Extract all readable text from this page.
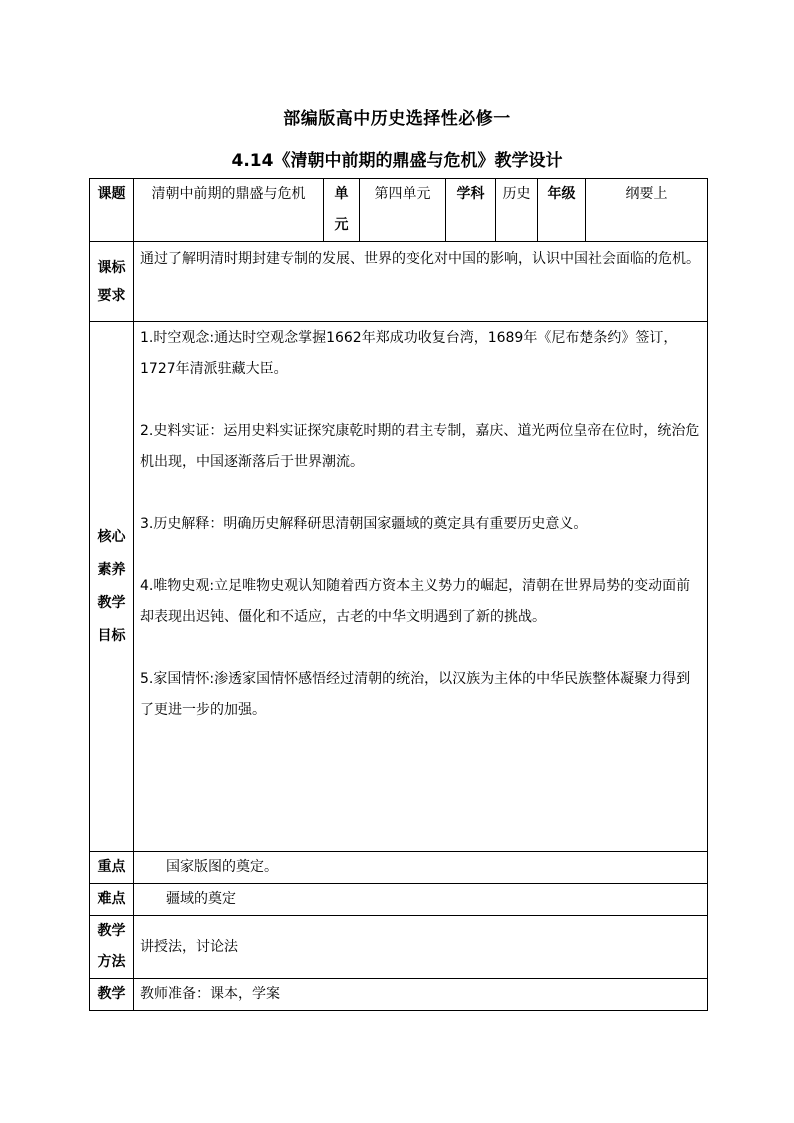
部编版高中历史选择性必修一
4.14《清朝中前期的鼎盛与危机》教学设计
课题	清朝中前期的鼎盛与危机	单元	第四单元	学科	历史	年级	纲要上
课标要求	通过了解明清时期封建专制的发展、世界的变化对中国的影响，认识中国社会面临的危机。						
核心素养教学目标	1.时空观念:通达时空观念掌握1662年郑成功收复台湾，1689年《尼布楚条约》签订，1727年清派驻藏大臣。

2.史料实证：运用史料实证探究康乾时期的君主专制，嘉庆、道光两位皇帝在位时，统治危机出现，中国逐渐落后于世界潮流。

3.历史解释：明确历史解释研思清朝国家疆域的奠定具有重要历史意义。

4.唯物史观:立足唯物史观认知随着西方资本主义势力的崛起，清朝在世界局势的变动面前却表现出迟钝、僵化和不适应，古老的中华文明遇到了新的挑战。

5.家国情怀:渗透家国情怀感悟经过清朝的统治，以汉族为主体的中华民族整体凝聚力得到了更进一步的加强。						

重点	国家版图的奠定。						
难点	疆域的奠定						
教学方法	讲授法，讨论法						
教学	教师准备：课本，学案						
